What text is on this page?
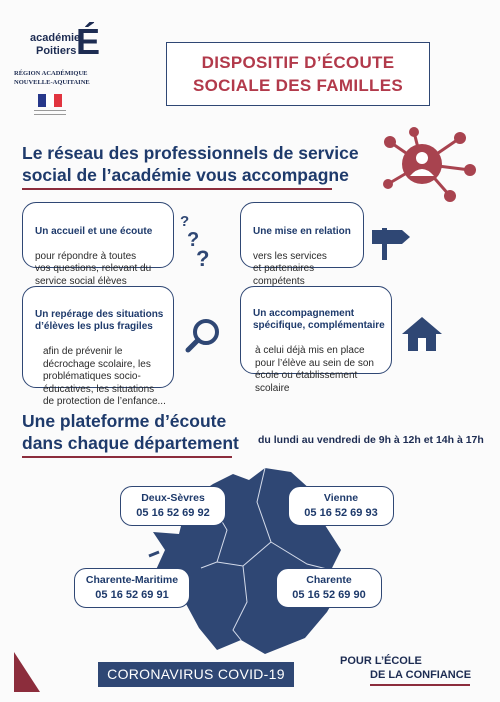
académie
Poitiers É
RÉGION ACADÉMIQUE
NOUVELLE-AQUITAINE
DISPOSITIF D’ÉCOUTE
SOCIALE DES FAMILLES
Le réseau des professionnels de service
social de l’académie vous accompagne

Un accueil et une écoute

pour répondre à toutes
vos questions, relevant du
service social élèves

?
?
?

Une mise en relation

vers les services
et partenaires
compétents

Un repérage des situations
d’élèves les plus fragiles

afin de prévenir le
décrochage scolaire, les
problématiques socio-
éducatives, les situations
de protection de l’enfance...

Un accompagnement
spécifique, complémentaire

à celui déjà mis en place
pour l’élève au sein de son
école ou établissement
scolaire

Une plateforme d’écoute
dans chaque département	du lundi au vendredi de 9h à 12h et 14h à 17h
Deux-Sèvres
05 16 52 69 92
Vienne
05 16 52 69 93
Charente-Maritime
05 16 52 69 91
Charente
05 16 52 69 90
CORONAVIRUS COVID-19
POUR L’ÉCOLE
DE LA CONFIANCE
